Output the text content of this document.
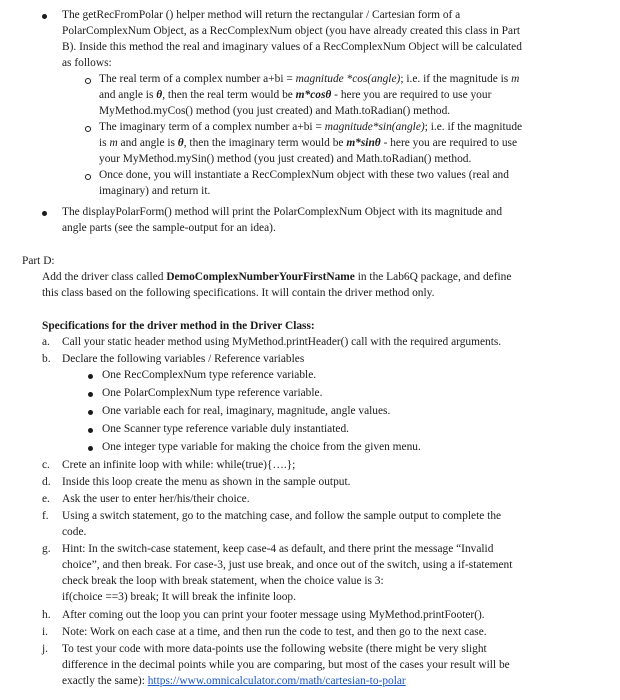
The getRecFromPolar () helper method will return the rectangular / Cartesian form of a

PolarComplexNum Object, as a RecComplexNum object (you have already created this class in Part

B). Inside this method the real and imaginary values of a RecComplexNum Object will be calculated

as follows:

The real term of a complex number a+bi = magnitude *cos(angle); i.e. if the magnitude is m

and angle is θ, then the real term would be m*cosθ - here you are required to use your

MyMethod.myCos() method (you just created) and Math.toRadian() method.

The imaginary term of a complex number a+bi = magnitude*sin(angle); i.e. if the magnitude

is m and angle is θ, then the imaginary term would be m*sinθ - here you are required to use

your MyMethod.mySin() method (you just created) and Math.toRadian() method.

Once done, you will instantiate a RecComplexNum object with these two values (real and

imaginary) and return it.

The displayPolarForm() method will print the PolarComplexNum Object with its magnitude and

angle parts (see the sample-output for an idea).

Part D:

Add the driver class called DemoComplexNumberYourFirstName in the Lab6Q package, and define

this class based on the following specifications. It will contain the driver method only.

Specifications for the driver method in the Driver Class:

a. Call your static header method using MyMethod.printHeader() call with the required arguments.

b. Declare the following variables / Reference variables

One RecComplexNum type reference variable.
One PolarComplexNum type reference variable.
One variable each for real, imaginary, magnitude, angle values.
One Scanner type reference variable duly instantiated.
One integer type variable for making the choice from the given menu.
c. Crete an infinite loop with while: while(true){….};

d. Inside this loop create the menu as shown in the sample output.

e. Ask the user to enter her/his/their choice.

f. Using a switch statement, go to the matching case, and follow the sample output to complete the

code.

g. Hint: In the switch-case statement, keep case-4 as default, and there print the message “Invalid

choice”, and then break. For case-3, just use break, and once out of the switch, using a if-statement

check break the loop with break statement, when the choice value is 3:

if(choice ==3) break; It will break the infinite loop.

h. After coming out the loop you can print your footer message using MyMethod.printFooter().

i. Note: Work on each case at a time, and then run the code to test, and then go to the next case.

j. To test your code with more data-points use the following website (there might be very slight

difference in the decimal points while you are comparing, but most of the cases your result will be

exactly the same): https://www.omnicalculator.com/math/cartesian-to-polar
